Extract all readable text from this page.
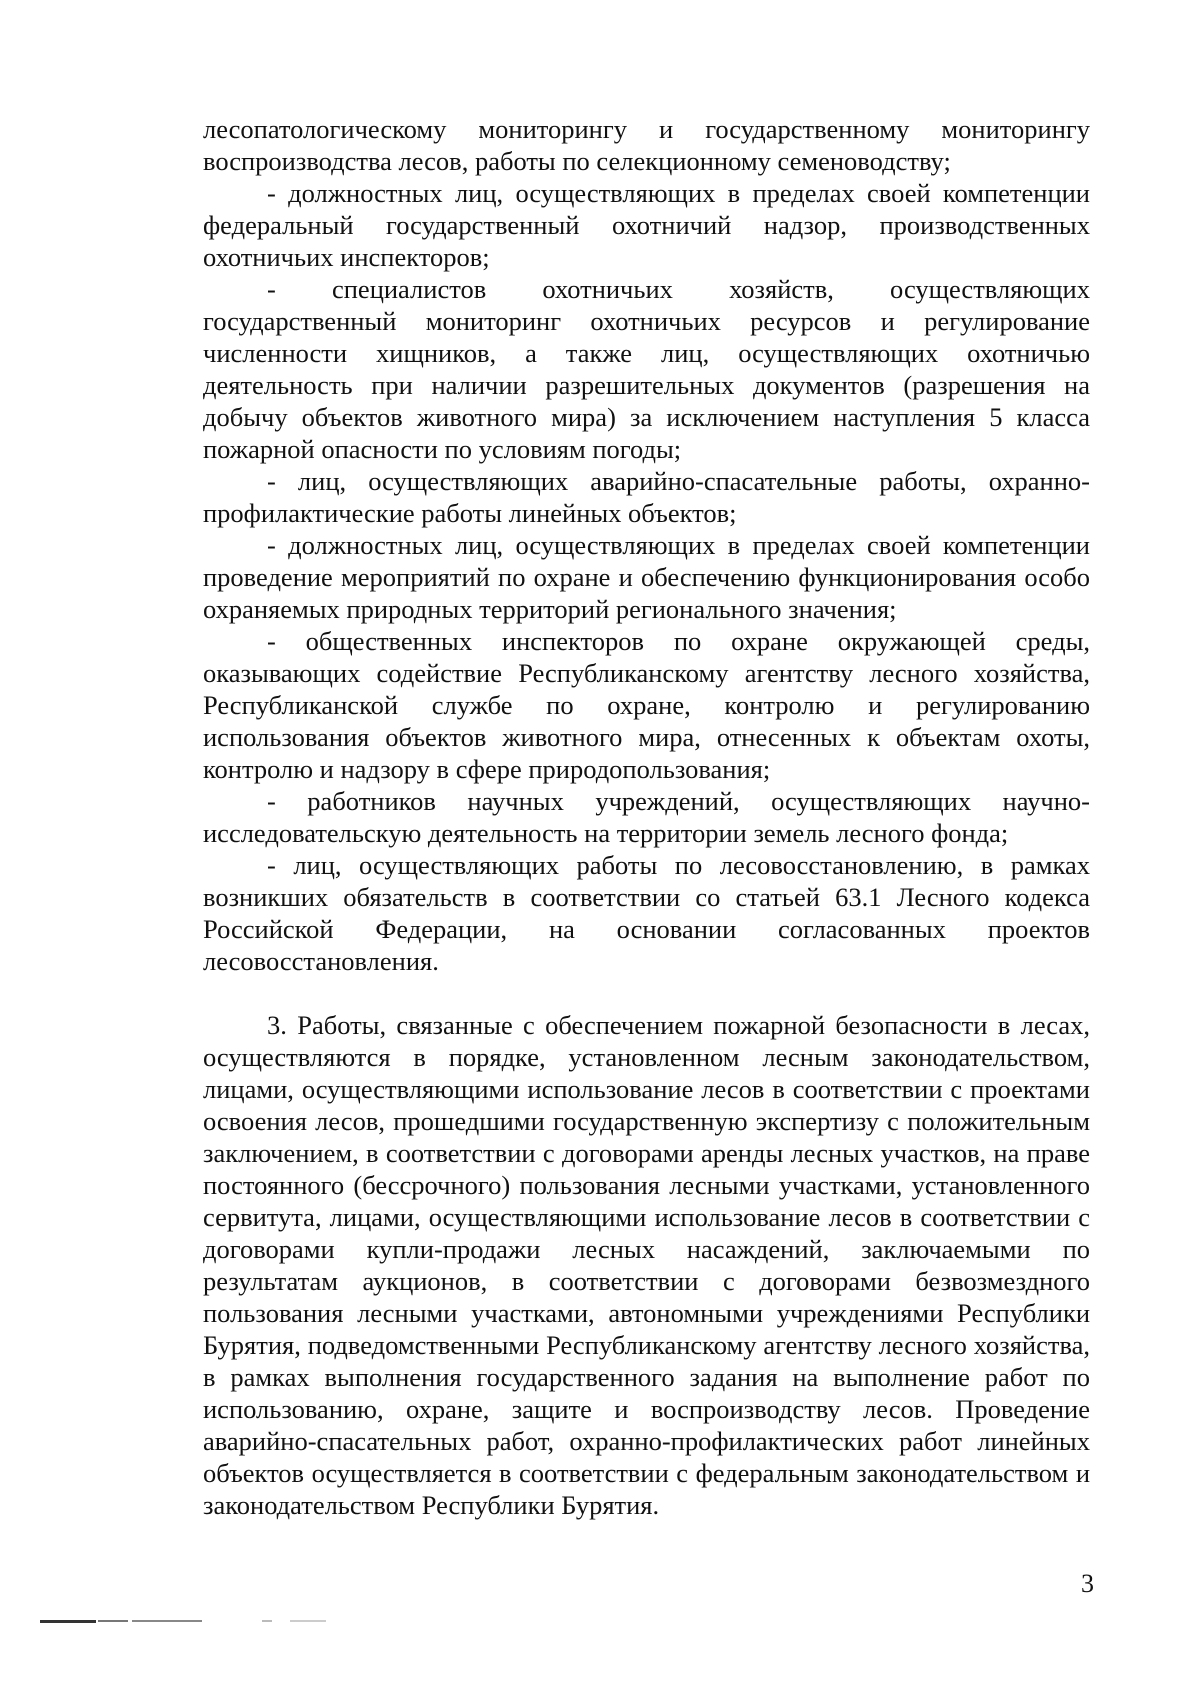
лесопатологическому мониторингу и государственному мониторингу воспроизводства лесов, работы по селекционному семеноводству;

- должностных лиц, осуществляющих в пределах своей компетенции федеральный государственный охотничий надзор, производственных охотничьих инспекторов;

- специалистов охотничьих хозяйств, осуществляющих государственный мониторинг охотничьих ресурсов и регулирование численности хищников, а также лиц, осуществляющих охотничью деятельность при наличии разрешительных документов (разрешения на добычу объектов животного мира) за исключением наступления 5 класса пожарной опасности по условиям погоды;

- лиц, осуществляющих аварийно-спасательные работы, охранно-профилактические работы линейных объектов;

- должностных лиц, осуществляющих в пределах своей компетенции проведение мероприятий по охране и обеспечению функционирования особо охраняемых природных территорий регионального значения;

- общественных инспекторов по охране окружающей среды, оказывающих содействие Республиканскому агентству лесного хозяйства, Республиканской службе по охране, контролю и регулированию использования объектов животного мира, отнесенных к объектам охоты, контролю и надзору в сфере природопользования;

- работников научных учреждений, осуществляющих научно-исследовательскую деятельность на территории земель лесного фонда;

- лиц, осуществляющих работы по лесовосстановлению, в рамках возникших обязательств в соответствии со статьей 63.1 Лесного кодекса Российской Федерации, на основании согласованных проектов лесовосстановления.

3. Работы, связанные с обеспечением пожарной безопасности в лесах, осуществляются в порядке, установленном лесным законодательством, лицами, осуществляющими использование лесов в соответствии с проектами освоения лесов, прошедшими государственную экспертизу с положительным заключением, в соответствии с договорами аренды лесных участков, на праве постоянного (бессрочного) пользования лесными участками, установленного сервитута, лицами, осуществляющими использование лесов в соответствии с договорами купли-продажи лесных насаждений, заключаемыми по результатам аукционов, в соответствии с договорами безвозмездного пользования лесными участками, автономными учреждениями Республики Бурятия, подведомственными Республиканскому агентству лесного хозяйства, в рамках выполнения государственного задания на выполнение работ по использованию, охране, защите и воспроизводству лесов. Проведение аварийно-спасательных работ, охранно-профилактических работ линейных объектов осуществляется в соответствии с федеральным законодательством и законодательством Республики Бурятия.

3
